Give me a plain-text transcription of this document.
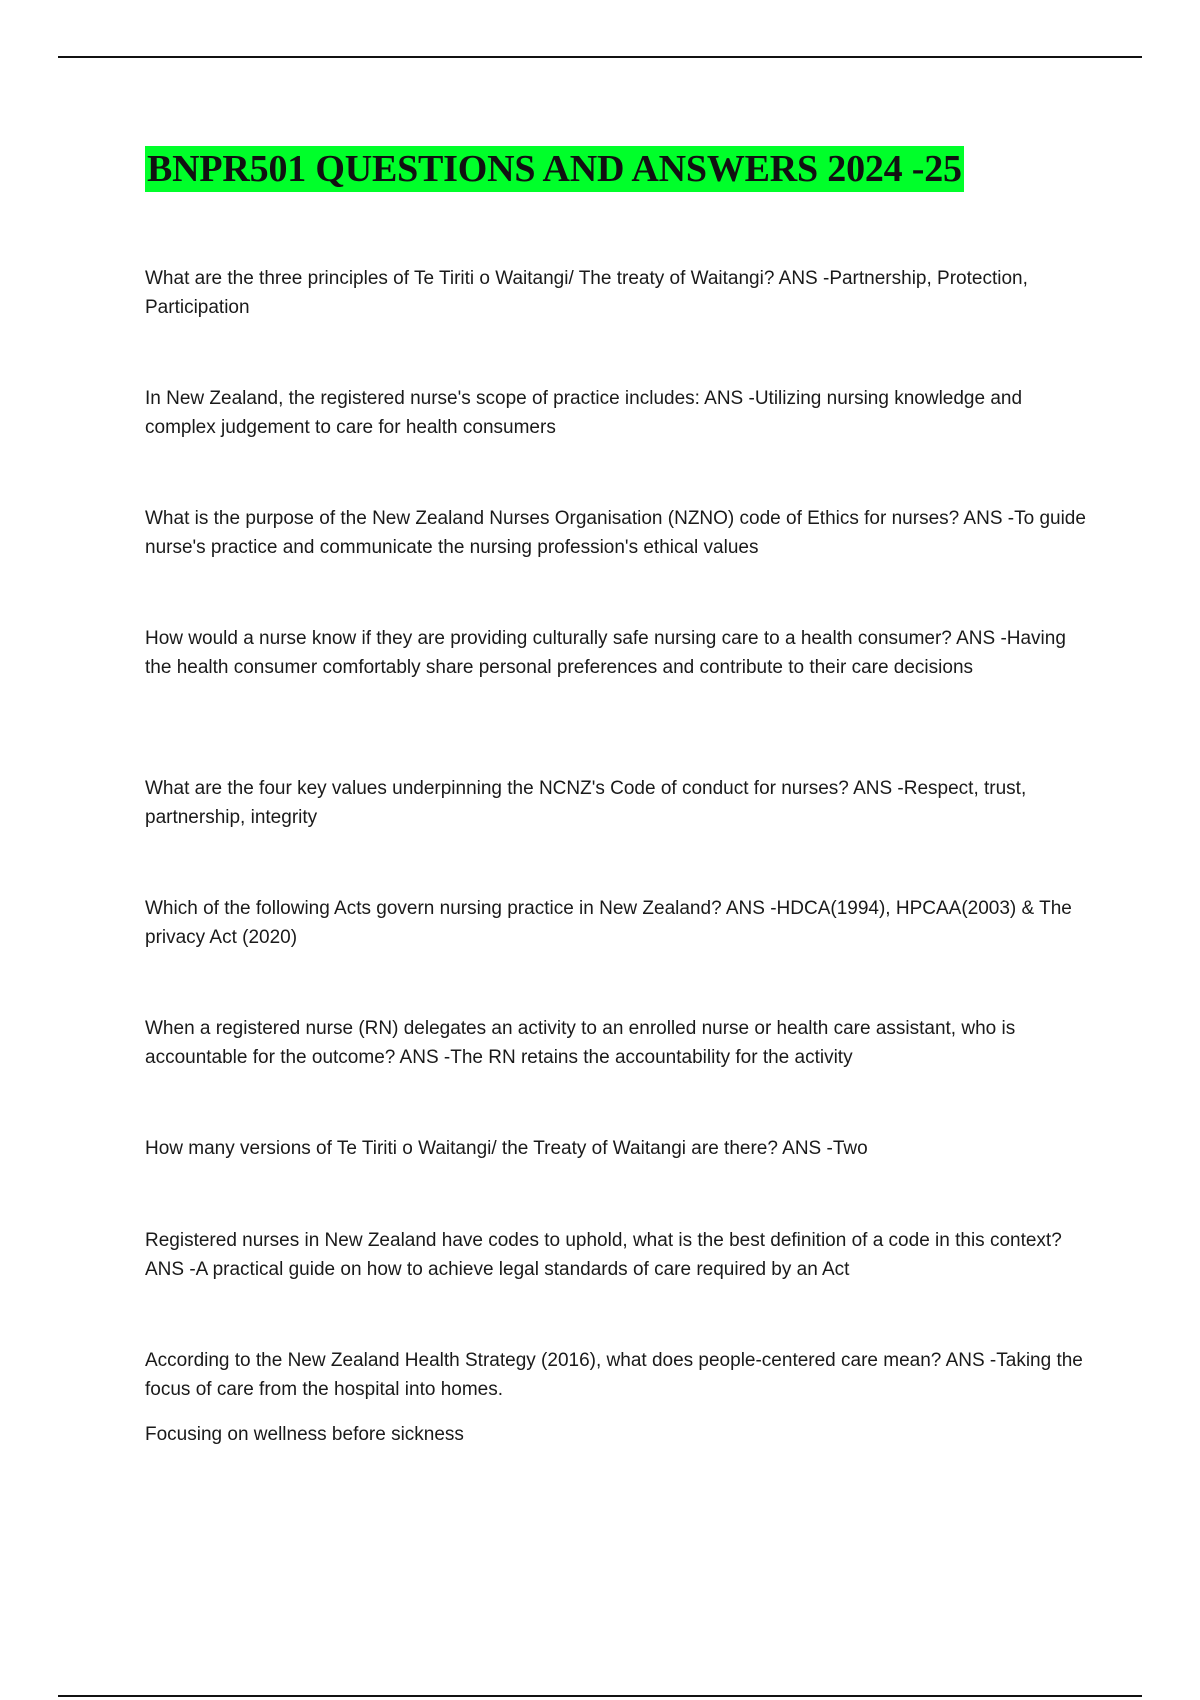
BNPR501 QUESTIONS AND ANSWERS 2024 -25

What are the three principles of Te Tiriti o Waitangi/ The treaty of Waitangi? ANS -Partnership, Protection, Participation

In New Zealand, the registered nurse's scope of practice includes: ANS -Utilizing nursing knowledge and complex judgement to care for health consumers

What is the purpose of the New Zealand Nurses Organisation (NZNO) code of Ethics for nurses? ANS -To guide nurse's practice and communicate the nursing profession's ethical values

How would a nurse know if they are providing culturally safe nursing care to a health consumer? ANS -Having the health consumer comfortably share personal preferences and contribute to their care decisions

What are the four key values underpinning the NCNZ's Code of conduct for nurses? ANS -Respect, trust, partnership, integrity

Which of the following Acts govern nursing practice in New Zealand? ANS -HDCA(1994), HPCAA(2003) & The privacy Act (2020)

When a registered nurse (RN) delegates an activity to an enrolled nurse or health care assistant, who is accountable for the outcome? ANS -The RN retains the accountability for the activity

How many versions of Te Tiriti o Waitangi/ the Treaty of Waitangi are there? ANS -Two

Registered nurses in New Zealand have codes to uphold, what is the best definition of a code in this context? ANS -A practical guide on how to achieve legal standards of care required by an Act

According to the New Zealand Health Strategy (2016), what does people-centered care mean? ANS -Taking the focus of care from the hospital into homes.

Focusing on wellness before sickness
